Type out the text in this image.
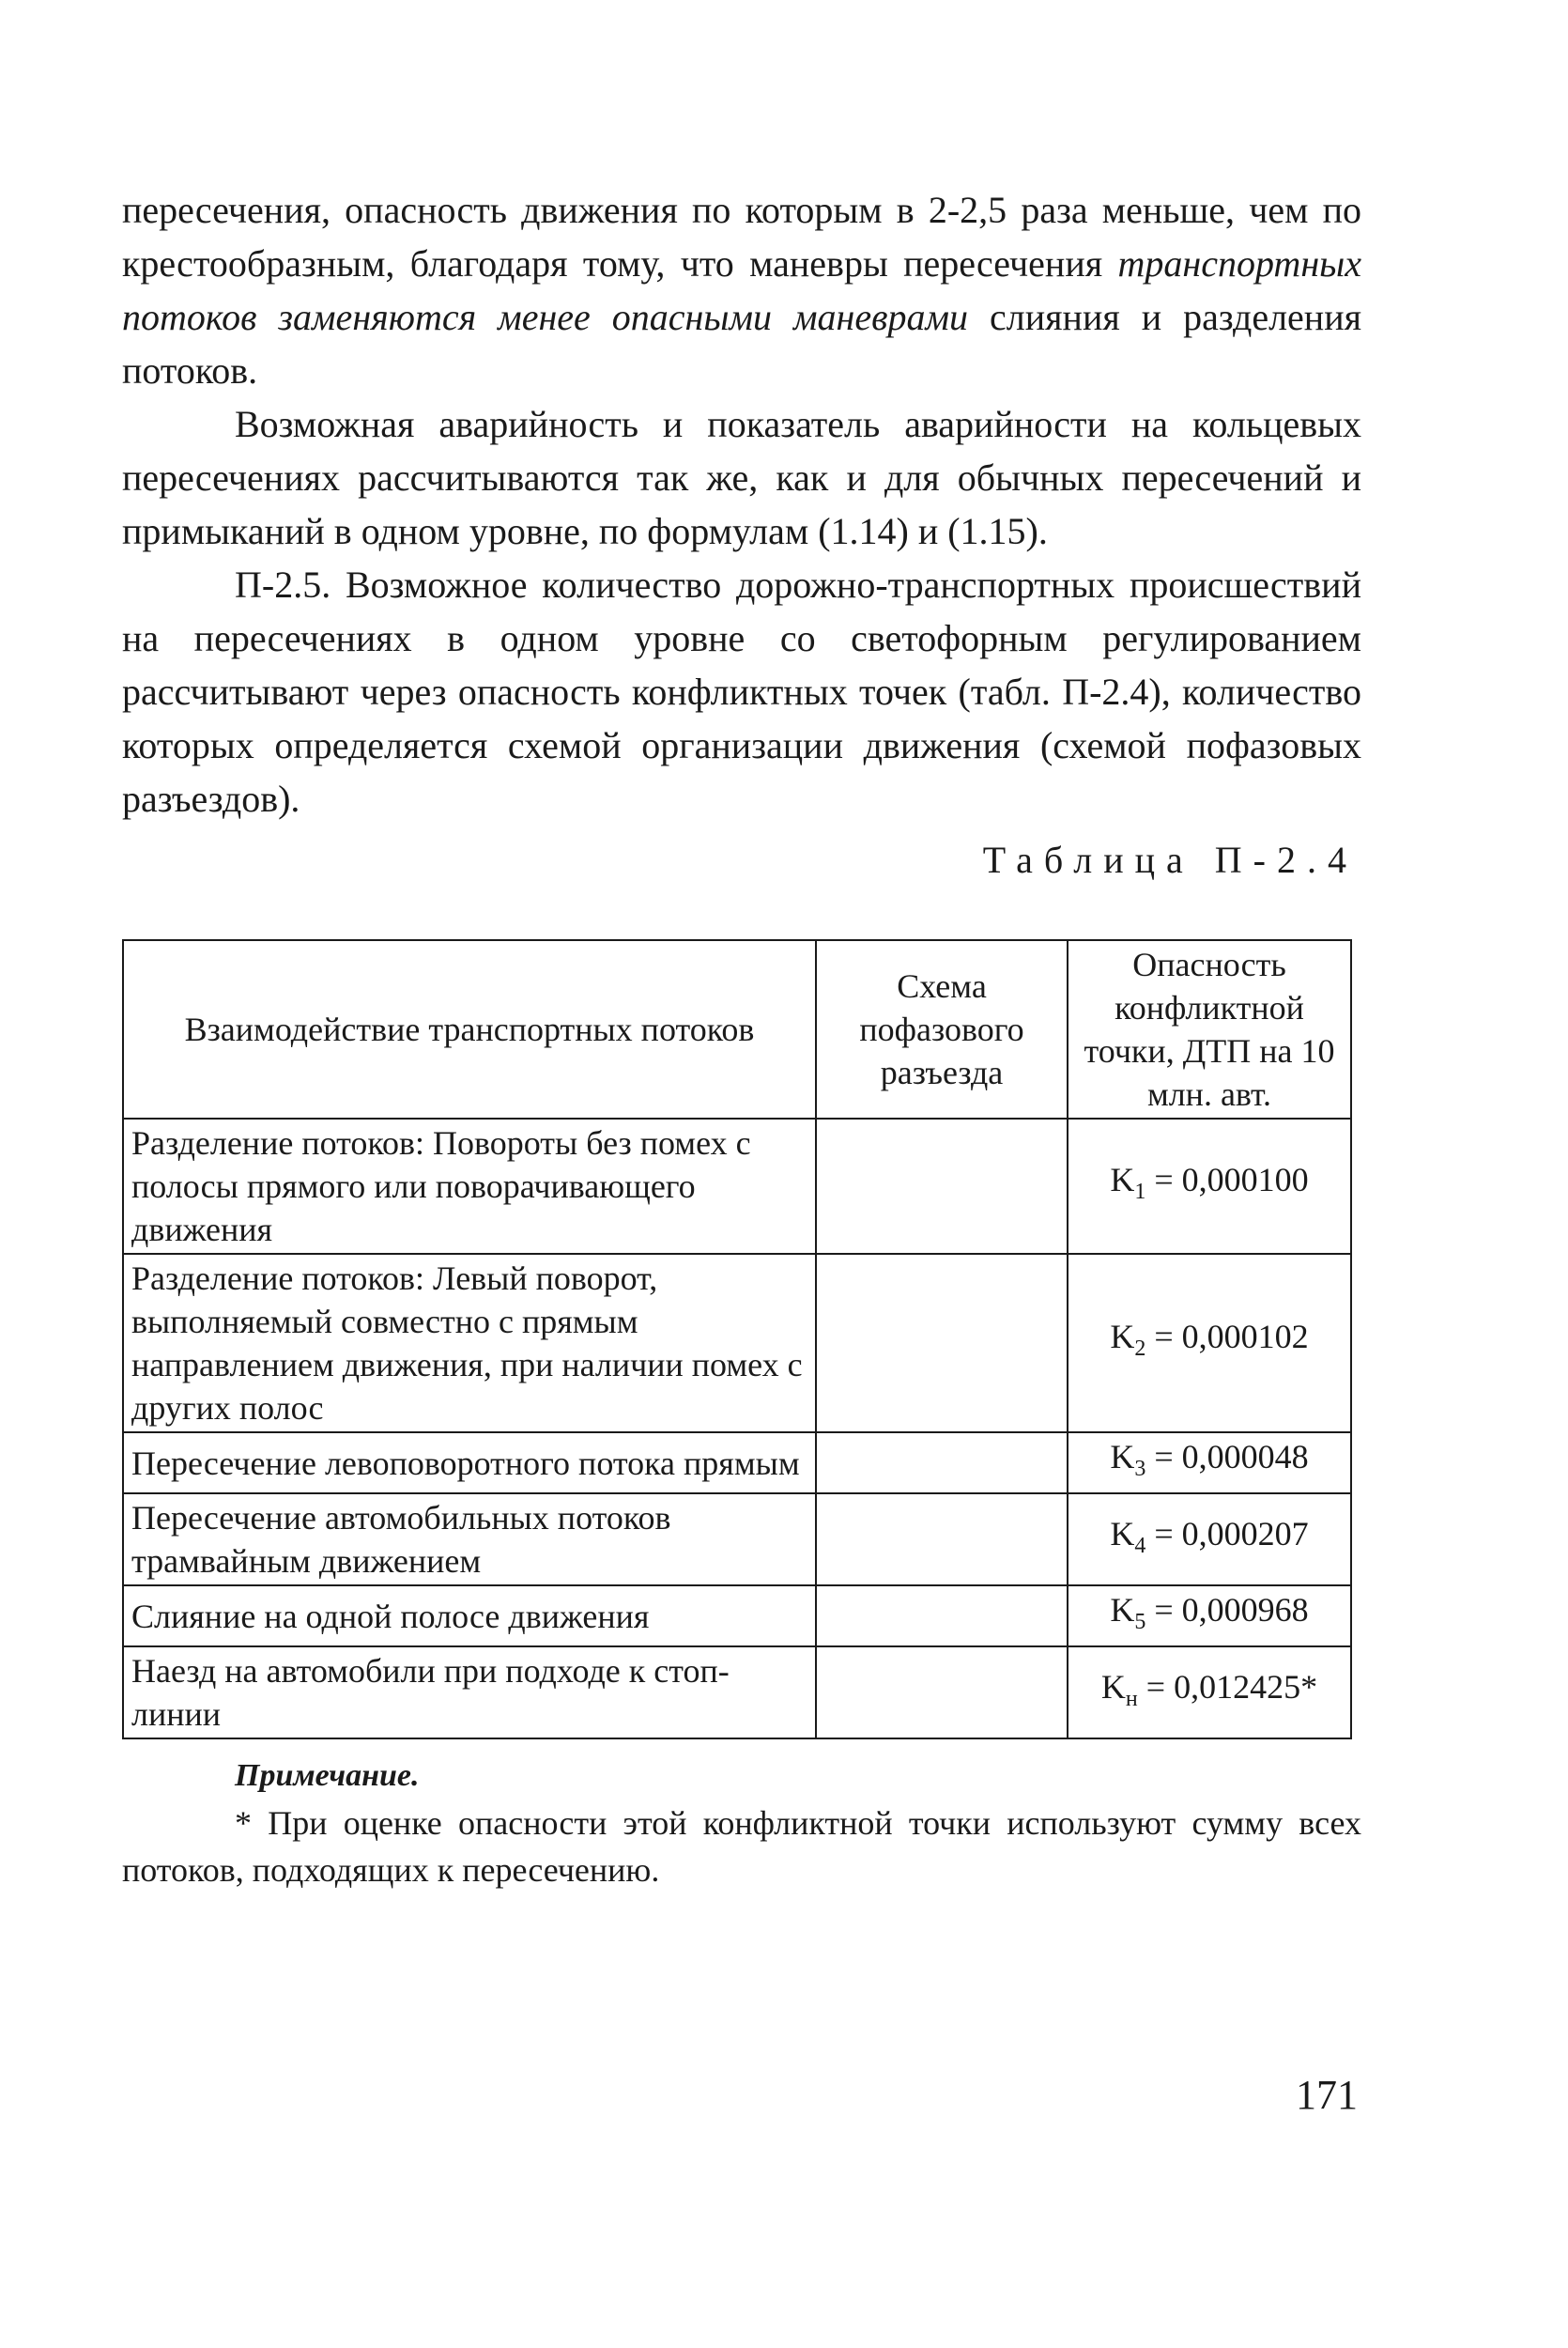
пересечения, опасность движения по которым в 2-2,5 раза меньше, чем по крестообразным, благодаря тому, что маневры пересечения транспортных потоков заменяются менее опасными маневрами слияния и разделения потоков.

Возможная аварийность и показатель аварийности на кольцевых пересечениях рассчитываются так же, как и для обычных пересечений и примыканий в одном уровне, по формулам (1.14) и (1.15).

П-2.5. Возможное количество дорожно-транспортных происшествий на пересечениях в одном уровне со светофорным регулированием рассчитывают через опасность конфликтных точек (табл. П-2.4), количество которых определяется схемой организации движения (схемой пофазовых разъездов).

Таблица П-2.4

Взаимодействие транспортных потоков	Схема пофазового разъезда	Опасность конфликтной точки, ДТП на 10 млн. авт.
Разделение потоков: Повороты без помех с полосы прямого или поворачивающего движения		$K_1 = 0,000100$
Разделение потоков: Левый поворот, выполняемый совместно с прямым направлением движения, при наличии помех с других полос		$K_2 = 0,000102$
Пересечение левоповоротного потока прямым		$K_3 = 0,000048$
Пересечение автомобильных потоков трамвайным движением		$K_4 = 0,000207$
Слияние на одной полосе движения		$K_5 = 0,000968$
Наезд на автомобили при подходе к стоп-линии		$K_н = 0,012425*$

Примечание.

* При оценке опасности этой конфликтной точки используют сумму всех потоков, подходящих к пересечению.

171
